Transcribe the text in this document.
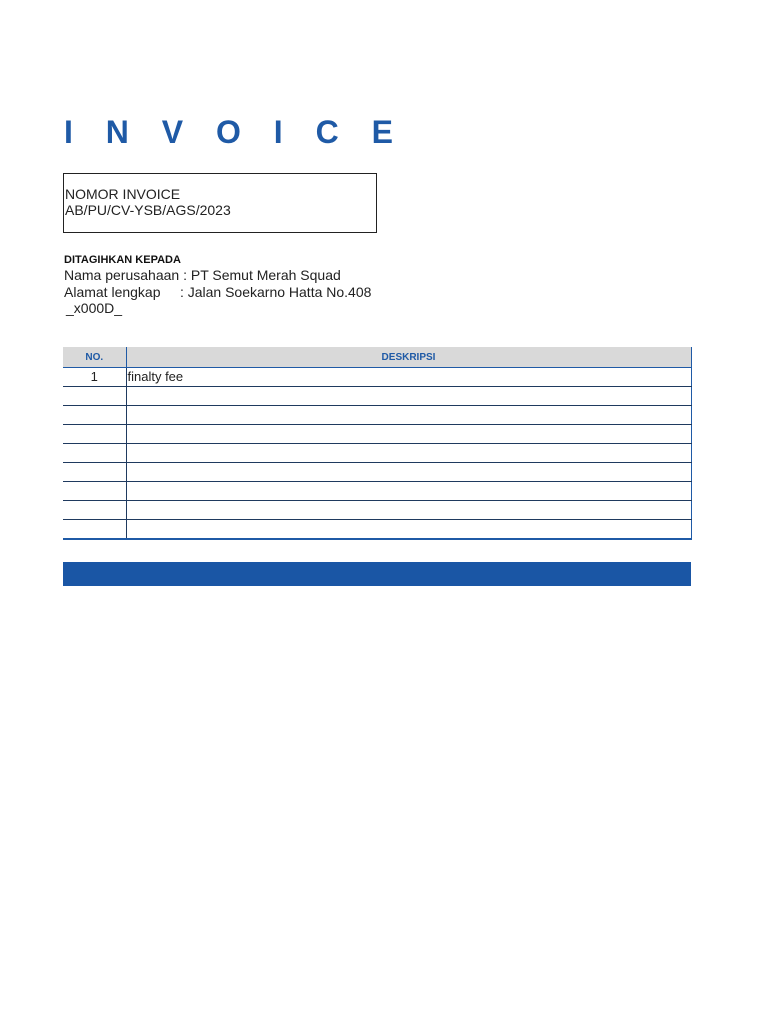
I N V O I C E
NOMOR INVOICE
AB/PU/CV-YSB/AGS/2023
DITAGIHKAN KEPADA
Nama perusahaan : PT Semut Merah Squad
Alamat lengkap     : Jalan Soekarno Hatta No.408
_x000D_
NO.	DESKRIPSI
1	finalty fee
